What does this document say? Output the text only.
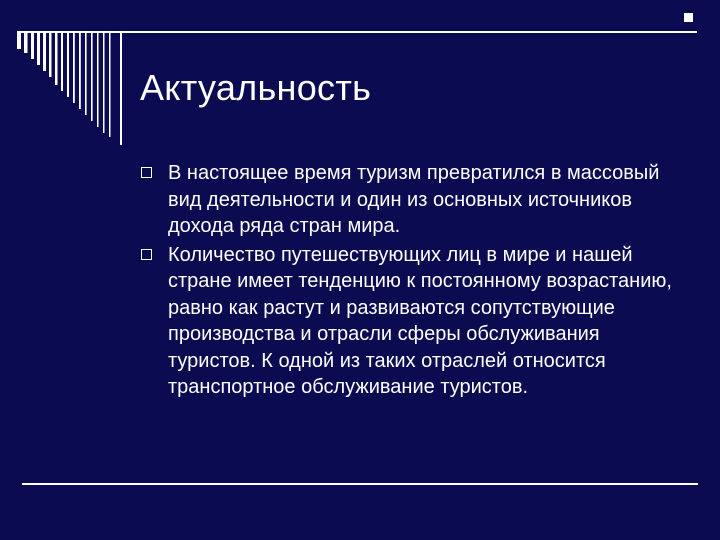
Актуальность
В настоящее время туризм превратился в массовый вид деятельности и один из основных источников дохода ряда стран мира.
Количество путешествующих лиц в мире и нашей стране имеет тенденцию к постоянному возрастанию, равно как растут и развиваются сопутствующие производства и отрасли сферы обслуживания туристов. К одной из таких отраслей относится транспортное обслуживание туристов.
